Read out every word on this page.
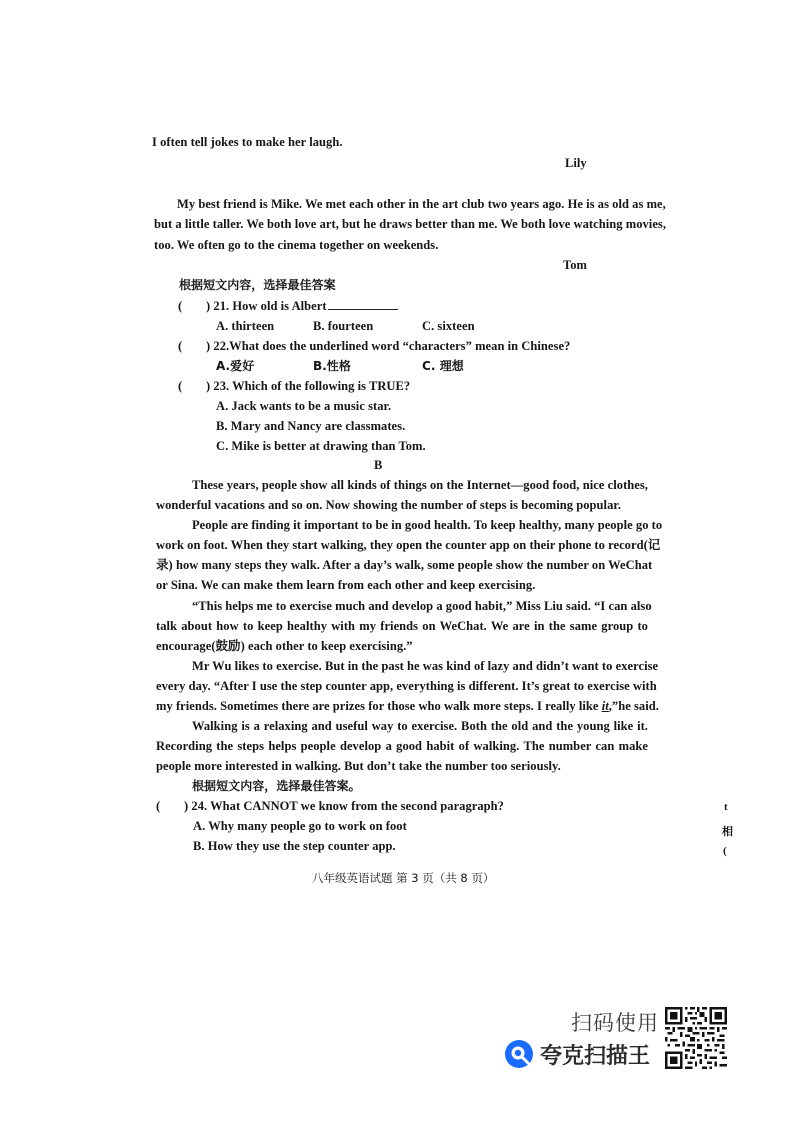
I often tell jokes to make her laugh.
Lily
My best friend is Mike. We met each other in the art club two years ago. He is as old as me,
but a little taller. We both love art, but he draws better than me. We both love watching movies,
too. We often go to the cinema together on weekends.
Tom
根据短文内容，选择最佳答案
( ) 21. How old is Albert
A. thirteen	B. fourteen	C. sixteen
( ) 22.What does the underlined word “characters” mean in Chinese?
A.爱好	B.性格	C. 理想
( ) 23. Which of the following is TRUE?
A. Jack wants to be a music star.
B. Mary and Nancy are classmates.
C. Mike is better at drawing than Tom.
B
These years, people show all kinds of things on the Internet—good food, nice clothes,
wonderful vacations and so on. Now showing the number of steps is becoming popular.
People are finding it important to be in good health. To keep healthy, many people go to
work on foot. When they start walking, they open the counter app on their phone to record(记
录) how many steps they walk. After a day’s walk, some people show the number on WeChat
or Sina. We can make them learn from each other and keep exercising.
“This helps me to exercise much and develop a good habit,” Miss Liu said. “I can also
talk about how to keep healthy with my friends on WeChat. We are in the same group to
encourage(鼓励) each other to keep exercising.”
Mr Wu likes to exercise. But in the past he was kind of lazy and didn’t want to exercise
every day. “After I use the step counter app, everything is different. It’s great to exercise with
my friends. Sometimes there are prizes for those who walk more steps. I really like it,”he said.
Walking is a relaxing and useful way to exercise. Both the old and the young like it.
Recording the steps helps people develop a good habit of walking. The number can make
people more interested in walking. But don’t take the number too seriously.
根据短文内容，选择最佳答案。
( ) 24. What CANNOT we know from the second paragraph?
A. Why many people go to work on foot
B. How they use the step counter app.
t
相
(
八年级英语试题 第 3 页（共 8 页）
扫码使用
夸克扫描王
